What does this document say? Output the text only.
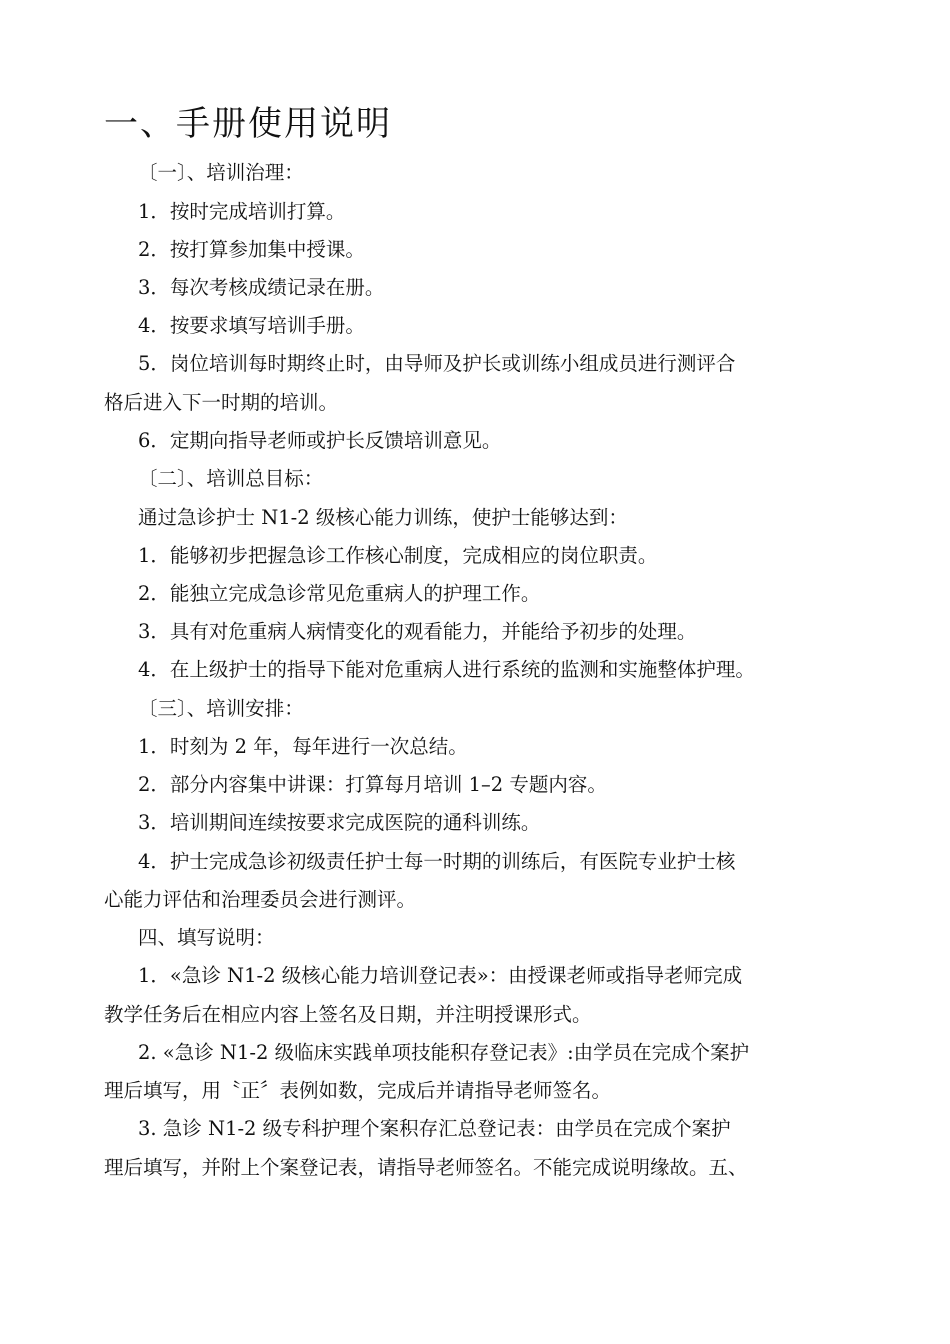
一、手册使用说明
〔一〕、培训治理：
1．按时完成培训打算。
2．按打算参加集中授课。
3．每次考核成绩记录在册。
4．按要求填写培训手册。
5．岗位培训每时期终止时，由导师及护长或训练小组成员进行测评合
格后进入下一时期的培训。
6．定期向指导老师或护长反馈培训意见。
〔二〕、培训总目标：
通过急诊护士 N1-2 级核心能力训练，使护士能够达到：
1．能够初步把握急诊工作核心制度，完成相应的岗位职责。
2．能独立完成急诊常见危重病人的护理工作。
3．具有对危重病人病情变化的观看能力，并能给予初步的处理。
4．在上级护士的指导下能对危重病人进行系统的监测和实施整体护理。
〔三〕、培训安排：
1．时刻为 2 年，每年进行一次总结。
2．部分内容集中讲课：打算每月培训 1–2 专题内容。
3．培训期间连续按要求完成医院的通科训练。
4．护士完成急诊初级责任护士每一时期的训练后，有医院专业护士核
心能力评估和治理委员会进行测评。
四、填写说明：
1．«急诊 N1-2 级核心能力培训登记表»：由授课老师或指导老师完成
教学任务后在相应内容上签名及日期，并注明授课形式。
2. «急诊 N1-2 级临床实践单项技能积存登记表》:由学员在完成个案护
理后填写，用〝正〞表例如数，完成后并请指导老师签名。
3. 急诊 N1-2 级专科护理个案积存汇总登记表：由学员在完成个案护
理后填写，并附上个案登记表，请指导老师签名。不能完成说明缘故。五、
